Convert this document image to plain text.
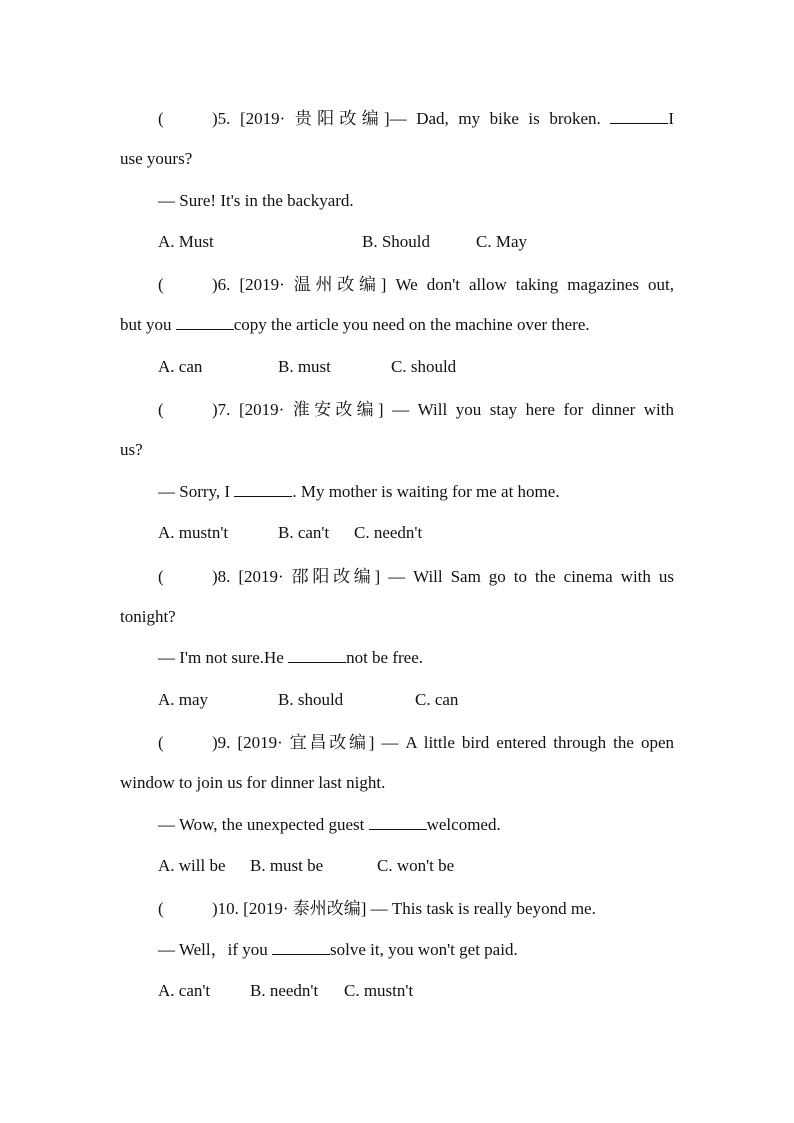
(	)5. [2019· 贵阳改编]— Dad, my bike is broken.	I
use yours?
— Sure! It's in the backyard.
A. Must	B. Should	C. May
(	)6. [2019· 温州改编] We don't allow taking magazines out,
but you	copy the article you need on the machine over there.
A. can	B. must	C. should
(	)7. [2019· 淮安改编] — Will you stay here for dinner with
us?
— Sorry, I	. My mother is waiting for me at home.
A. mustn't	B. can't C. needn't
(	)8. [2019· 邵阳改编] — Will Sam go to the cinema with us
tonight?
— I'm not sure.He	not be free.
A. may	B. should	C. can
(	)9. [2019· 宜昌改编] — A little bird entered through the open
window to join us for dinner last night.
— Wow, the unexpected guest	welcomed.
A. will be B. must be	C. won't be
(	)10. [2019· 泰州改编] — This task is really beyond me.
— Well，if you	solve it, you won't get paid.
A. can't B. needn't C. mustn't
